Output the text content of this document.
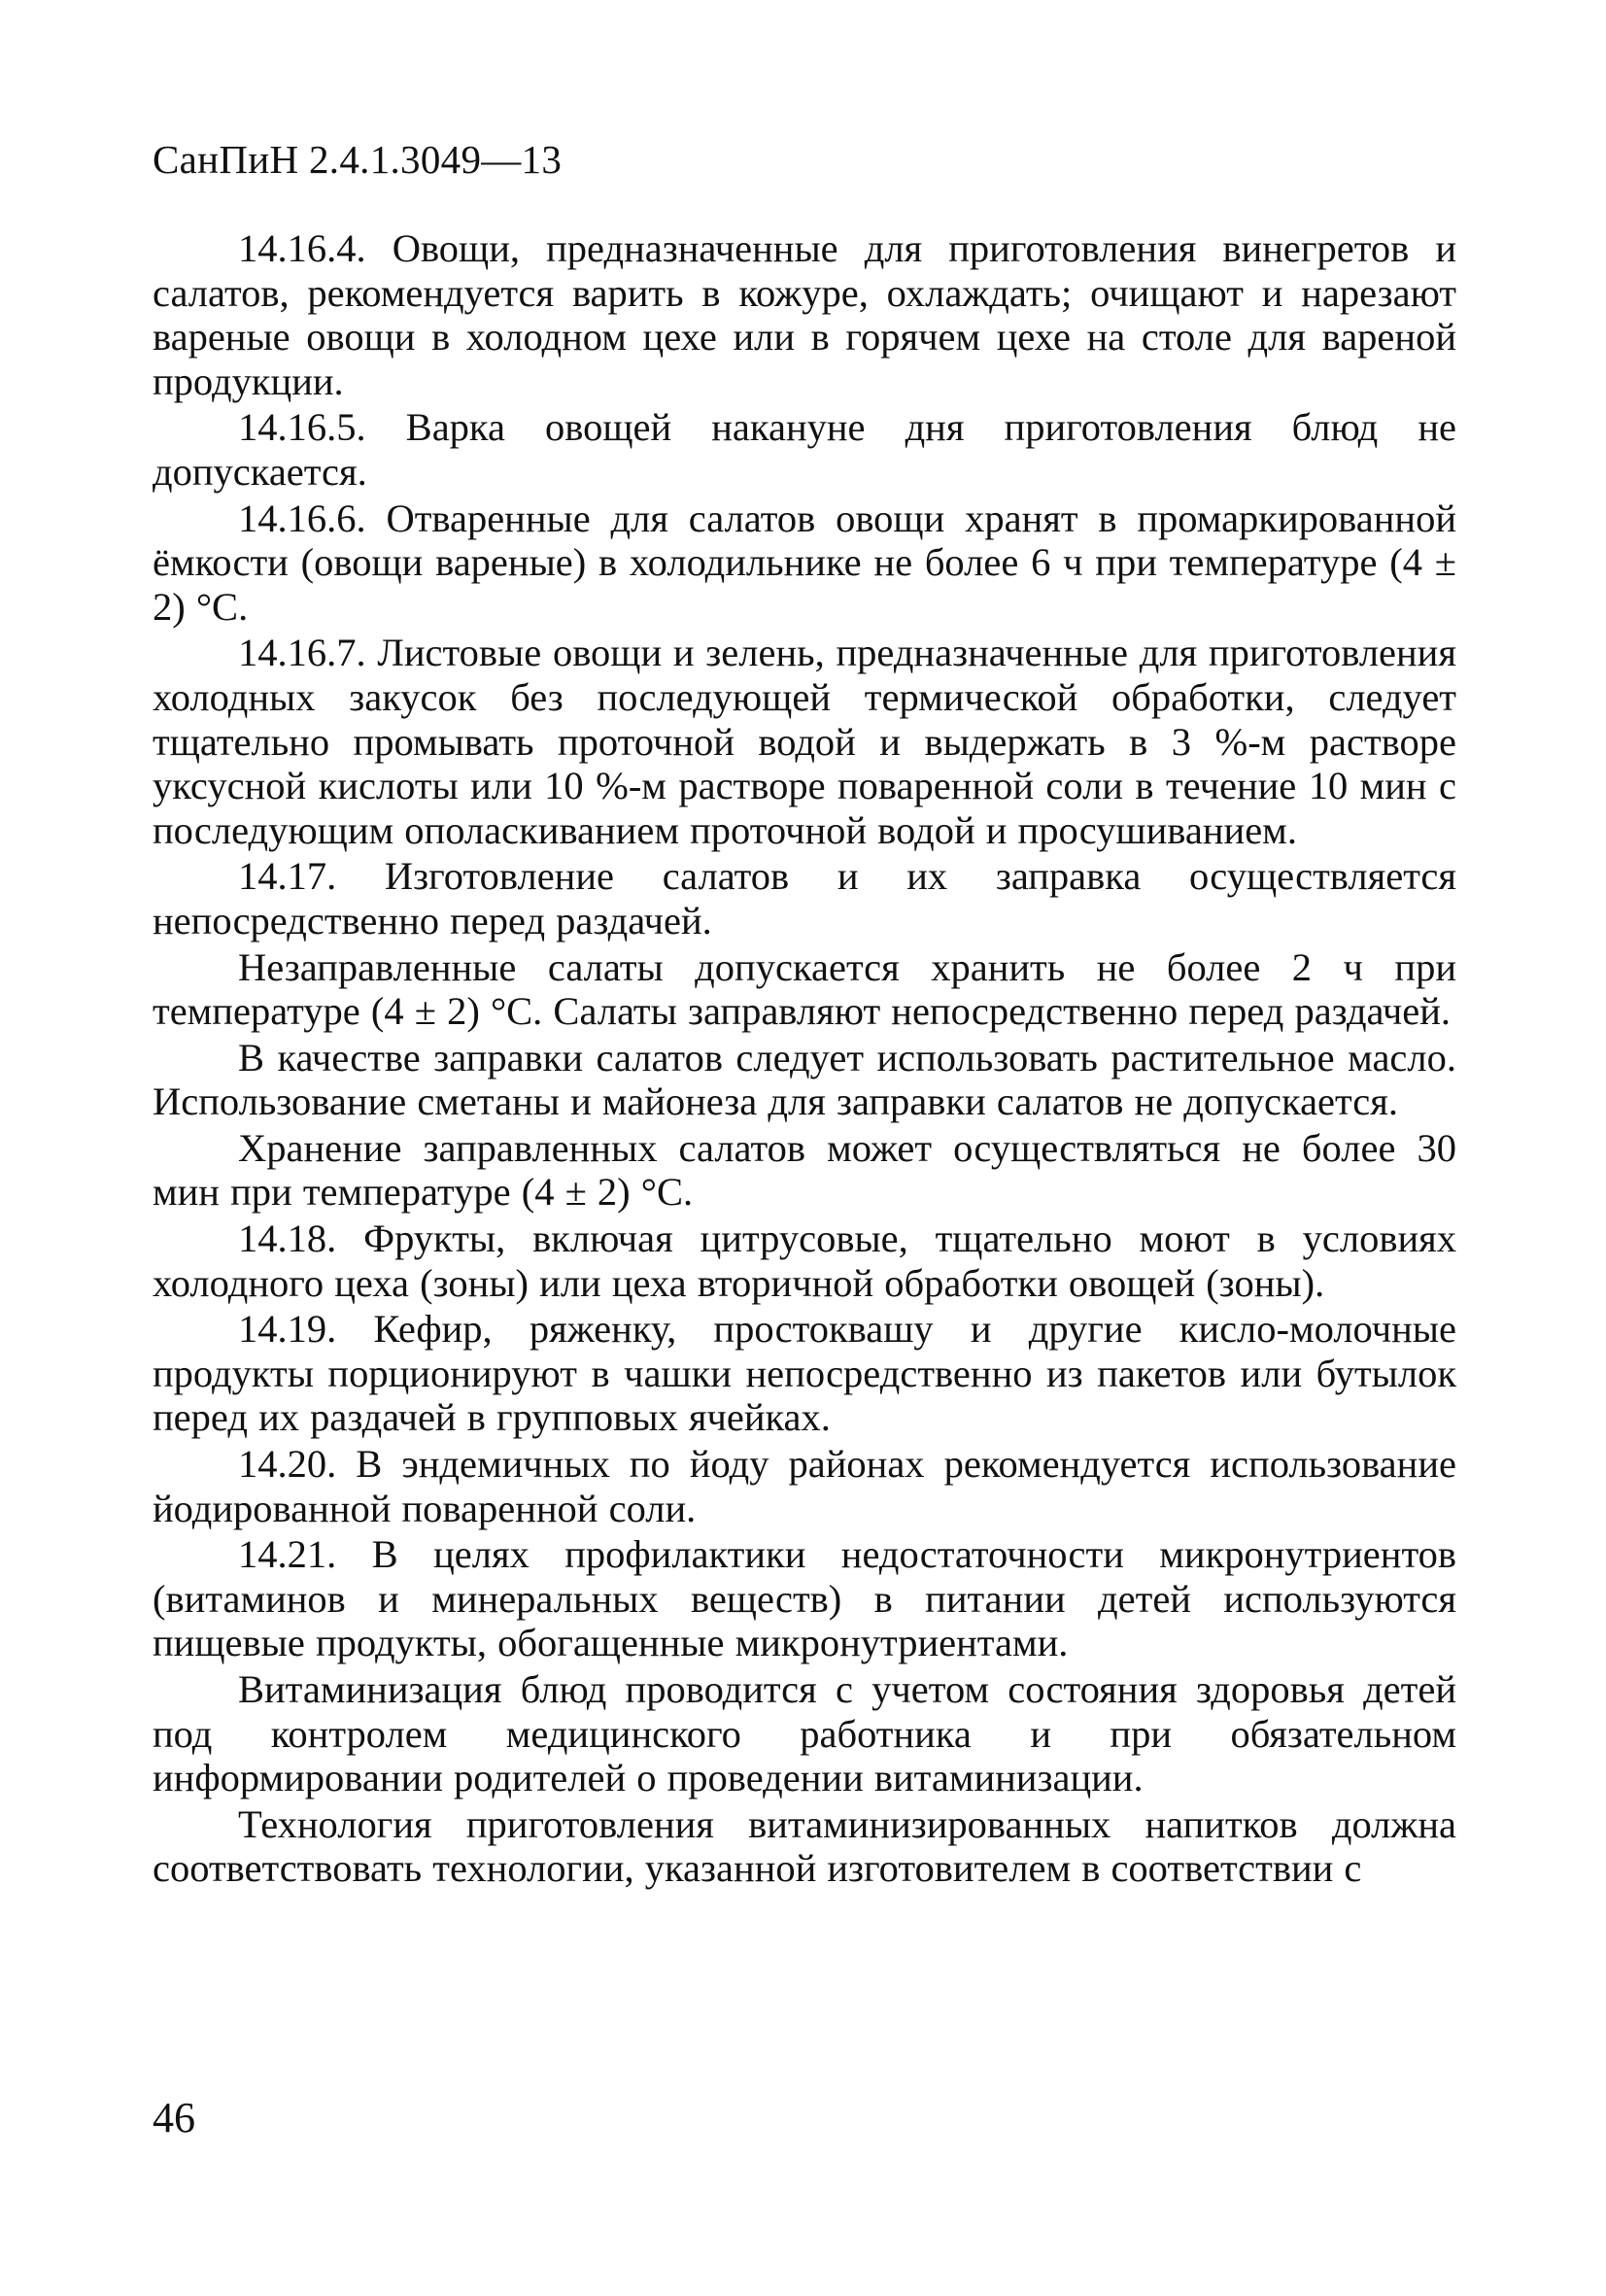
СанПиН 2.4.1.3049—13

14.16.4. Овощи, предназначенные для приготовления винегретов и салатов, рекомендуется варить в кожуре, охлаждать; очищают и нарезают вареные овощи в холодном цехе или в горячем цехе на столе для вареной продукции.

14.16.5. Варка овощей накануне дня приготовления блюд не допускается.

14.16.6. Отваренные для салатов овощи хранят в промаркированной ёмкости (овощи вареные) в холодильнике не более 6 ч при температуре (4 ± 2) °С.

14.16.7. Листовые овощи и зелень, предназначенные для приготовления холодных закусок без последующей термической обработки, следует тщательно промывать проточной водой и выдержать в 3 %-м растворе уксусной кислоты или 10 %-м растворе поваренной соли в течение 10 мин с последующим ополаскиванием проточной водой и просушиванием.

14.17. Изготовление салатов и их заправка осуществляется непосредственно перед раздачей.

Незаправленные салаты допускается хранить не более 2 ч при температуре (4 ± 2) °С. Салаты заправляют непосредственно перед раздачей.

В качестве заправки салатов следует использовать растительное масло. Использование сметаны и майонеза для заправки салатов не допускается.

Хранение заправленных салатов может осуществляться не более 30 мин при температуре (4 ± 2) °С.

14.18. Фрукты, включая цитрусовые, тщательно моют в условиях холодного цеха (зоны) или цеха вторичной обработки овощей (зоны).

14.19. Кефир, ряженку, простоквашу и другие кисло-молочные продукты порционируют в чашки непосредственно из пакетов или бутылок перед их раздачей в групповых ячейках.

14.20. В эндемичных по йоду районах рекомендуется использование йодированной поваренной соли.

14.21. В целях профилактики недостаточности микронутриентов (витаминов и минеральных веществ) в питании детей используются пищевые продукты, обогащенные микронутриентами.

Витаминизация блюд проводится с учетом состояния здоровья детей под контролем медицинского работника и при обязательном информировании родителей о проведении витаминизации.

Технология приготовления витаминизированных напитков должна соответствовать технологии, указанной изготовителем в соответствии с

46
